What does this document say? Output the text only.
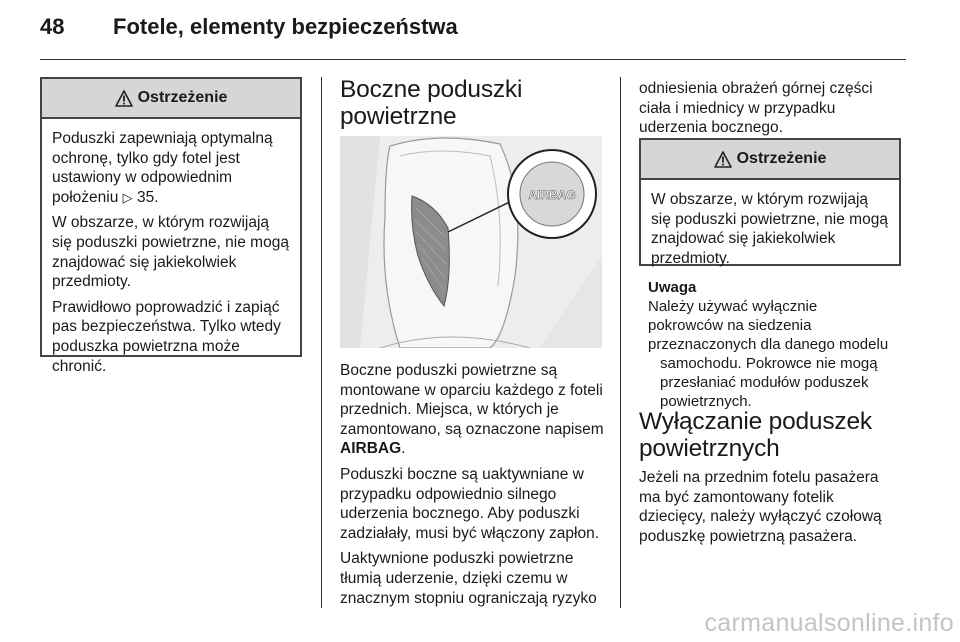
48 Fotele, elementy bezpieczeństwa
Ostrzeżenie

Poduszki zapewniają optymalną ochronę, tylko gdy fotel jest ustawiony w odpowiednim położeniu ▷ 35.

W obszarze, w którym rozwijają się poduszki powietrzne, nie mogą znajdować się jakiekolwiek przedmioty.

Prawidłowo poprowadzić i zapiąć pas bezpieczeństwa. Tylko wtedy poduszka powietrzna może chronić.

Boczne poduszki powietrzne
AIRBAG

Boczne poduszki powietrzne są montowane w oparciu każdego z foteli przednich. Miejsca, w których je zamontowano, są oznaczone napisem AIRBAG.

Poduszki boczne są uaktywniane w przypadku odpowiednio silnego uderzenia bocznego. Aby poduszki zadziałały, musi być włączony zapłon.

Uaktywnione poduszki powietrzne tłumią uderzenie, dzięki czemu w znacznym stopniu ograniczają ryzyko

odniesienia obrażeń górnej części ciała i miednicy w przypadku uderzenia bocznego.

Ostrzeżenie

W obszarze, w którym rozwijają się poduszki powietrzne, nie mogą znajdować się jakiekolwiek przedmioty.

Uwaga
Należy używać wyłącznie
pokrowców na siedzenia
przeznaczonych dla danego modelu
samochodu. Pokrowce nie mogą przesłaniać modułów poduszek powietrznych.
Wyłączanie poduszek powietrznych

Jeżeli na przednim fotelu pasażera ma być zamontowany fotelik dziecięcy, należy wyłączyć czołową poduszkę powietrzną pasażera.

carmanualsonline.info
